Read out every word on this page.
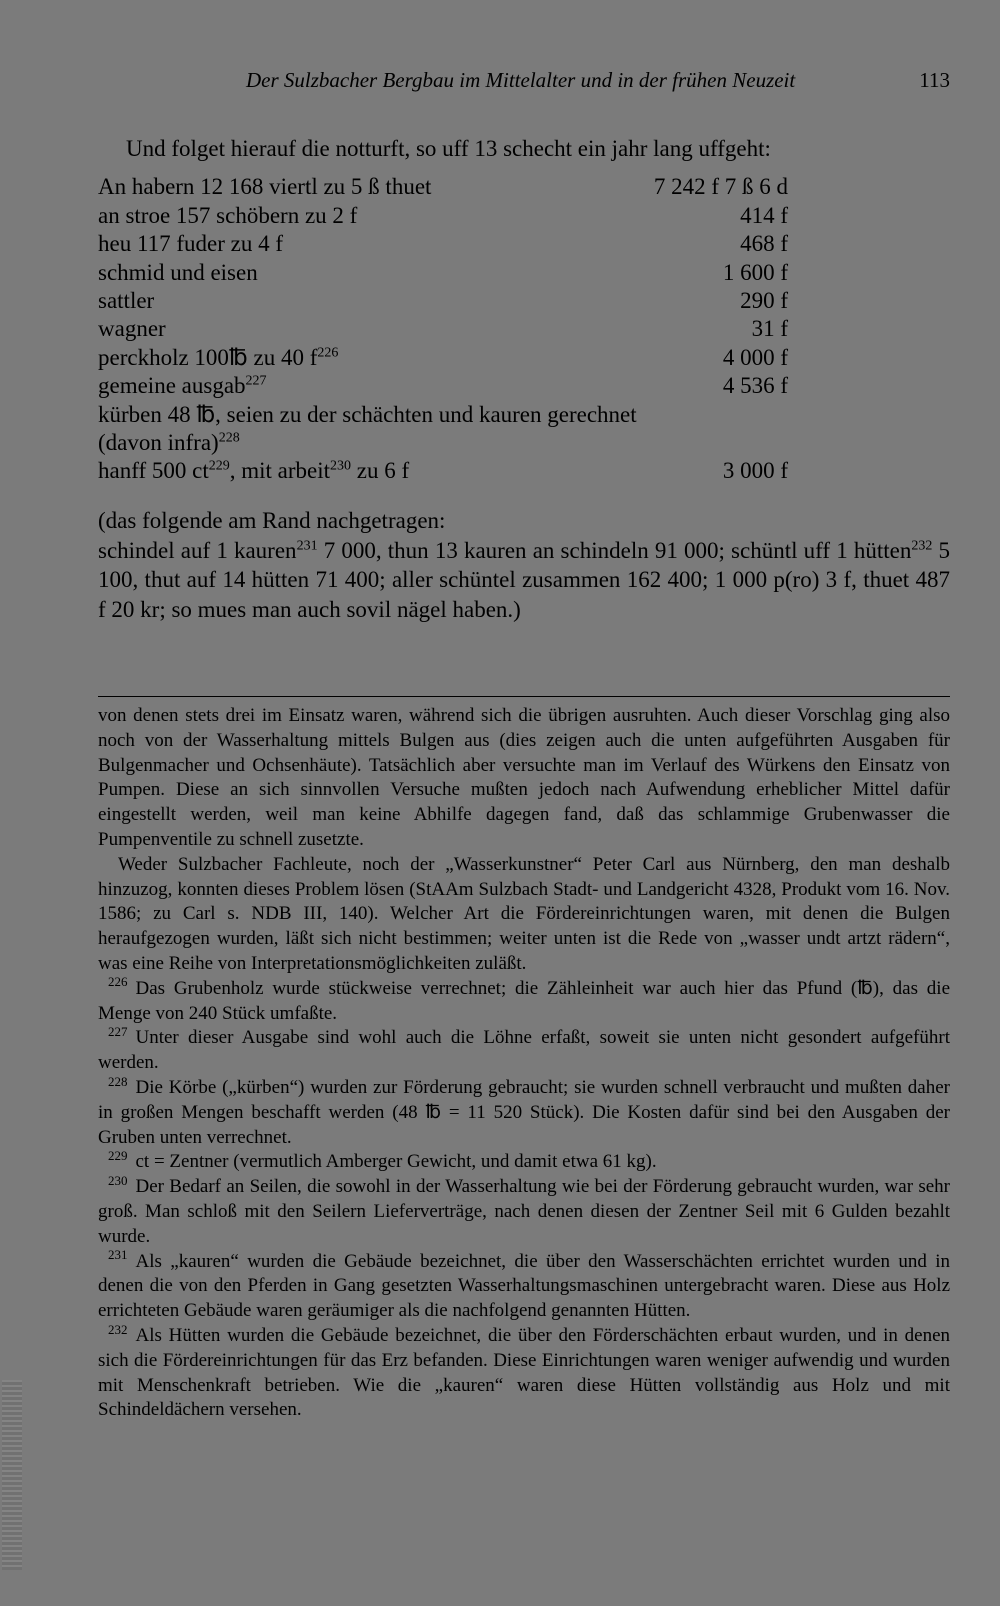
Der Sulzbacher Bergbau im Mittelalter und in der frühen Neuzeit	113
Und folget hierauf die notturft, so uff 13 schecht ein jahr lang uffgeht:
An habern 12 168 viertl zu 5 ß thuet	7 242 f 7 ß 6 d
an stroe 157 schöbern zu 2 f	414 f
heu 117 fuder zu 4 f	468 f
schmid und eisen	1 600 f
sattler	290 f
wagner	31 f
perckholz 100℔ zu 40 $f^{226}$	4 000 f
gemeine ausgab$^{227}$	4 536 f
kürben 48 ℔, seien zu der schächten und kauren gerechnet	
(davon infra)$^{228}$	
hanff 500 $ct^{229}$, mit arbeit$^{230}$ zu 6 f	3 000 f
(das folgende am Rand nachgetragen:
schindel auf 1 kauren$^{231}$ 7 000, thun 13 kauren an schindeln 91 000; schüntl uff 1 hütten$^{232}$ 5 100, thut auf 14 hütten 71 400; aller schüntel zusammen 162 400; 1 000 p(ro) 3 f, thuet 487 f 20 kr; so mues man auch sovil nägel haben.)

von denen stets drei im Einsatz waren, während sich die übrigen ausruhten. Auch dieser Vorschlag ging also noch von der Wasserhaltung mittels Bulgen aus (dies zeigen auch die unten aufgeführten Ausgaben für Bulgenmacher und Ochsenhäute). Tatsächlich aber versuchte man im Verlauf des Würkens den Einsatz von Pumpen. Diese an sich sinnvollen Versuche mußten jedoch nach Aufwendung erheblicher Mittel dafür eingestellt werden, weil man keine Abhilfe dagegen fand, daß das schlammige Grubenwasser die Pumpenventile zu schnell zusetzte.

Weder Sulzbacher Fachleute, noch der „Wasserkunstner“ Peter Carl aus Nürnberg, den man deshalb hinzuzog, konnten dieses Problem lösen (StAAm Sulzbach Stadt- und Landgericht 4328, Produkt vom 16. Nov. 1586; zu Carl s. NDB III, 140). Welcher Art die Fördereinrichtungen waren, mit denen die Bulgen heraufgezogen wurden, läßt sich nicht bestimmen; weiter unten ist die Rede von „wasser undt artzt rädern“, was eine Reihe von Interpretationsmöglichkeiten zuläßt.

$^{226}$ Das Grubenholz wurde stückweise verrechnet; die Zähleinheit war auch hier das Pfund (℔), das die Menge von 240 Stück umfaßte.

$^{227}$ Unter dieser Ausgabe sind wohl auch die Löhne erfaßt, soweit sie unten nicht gesondert aufgeführt werden.

$^{228}$ Die Körbe („kürben“) wurden zur Förderung gebraucht; sie wurden schnell verbraucht und mußten daher in großen Mengen beschafft werden (48 ℔ = 11 520 Stück). Die Kosten dafür sind bei den Ausgaben der Gruben unten verrechnet.

$^{229}$ ct = Zentner (vermutlich Amberger Gewicht, und damit etwa 61 kg).

$^{230}$ Der Bedarf an Seilen, die sowohl in der Wasserhaltung wie bei der Förderung gebraucht wurden, war sehr groß. Man schloß mit den Seilern Lieferverträge, nach denen diesen der Zentner Seil mit 6 Gulden bezahlt wurde.

$^{231}$ Als „kauren“ wurden die Gebäude bezeichnet, die über den Wasserschächten errichtet wurden und in denen die von den Pferden in Gang gesetzten Wasserhaltungsmaschinen untergebracht waren. Diese aus Holz errichteten Gebäude waren geräumiger als die nachfolgend genannten Hütten.

$^{232}$ Als Hütten wurden die Gebäude bezeichnet, die über den Förderschächten erbaut wurden, und in denen sich die Fördereinrichtungen für das Erz befanden. Diese Einrichtungen waren weniger aufwendig und wurden mit Menschenkraft betrieben. Wie die „kauren“ waren diese Hütten vollständig aus Holz und mit Schindeldächern versehen.
